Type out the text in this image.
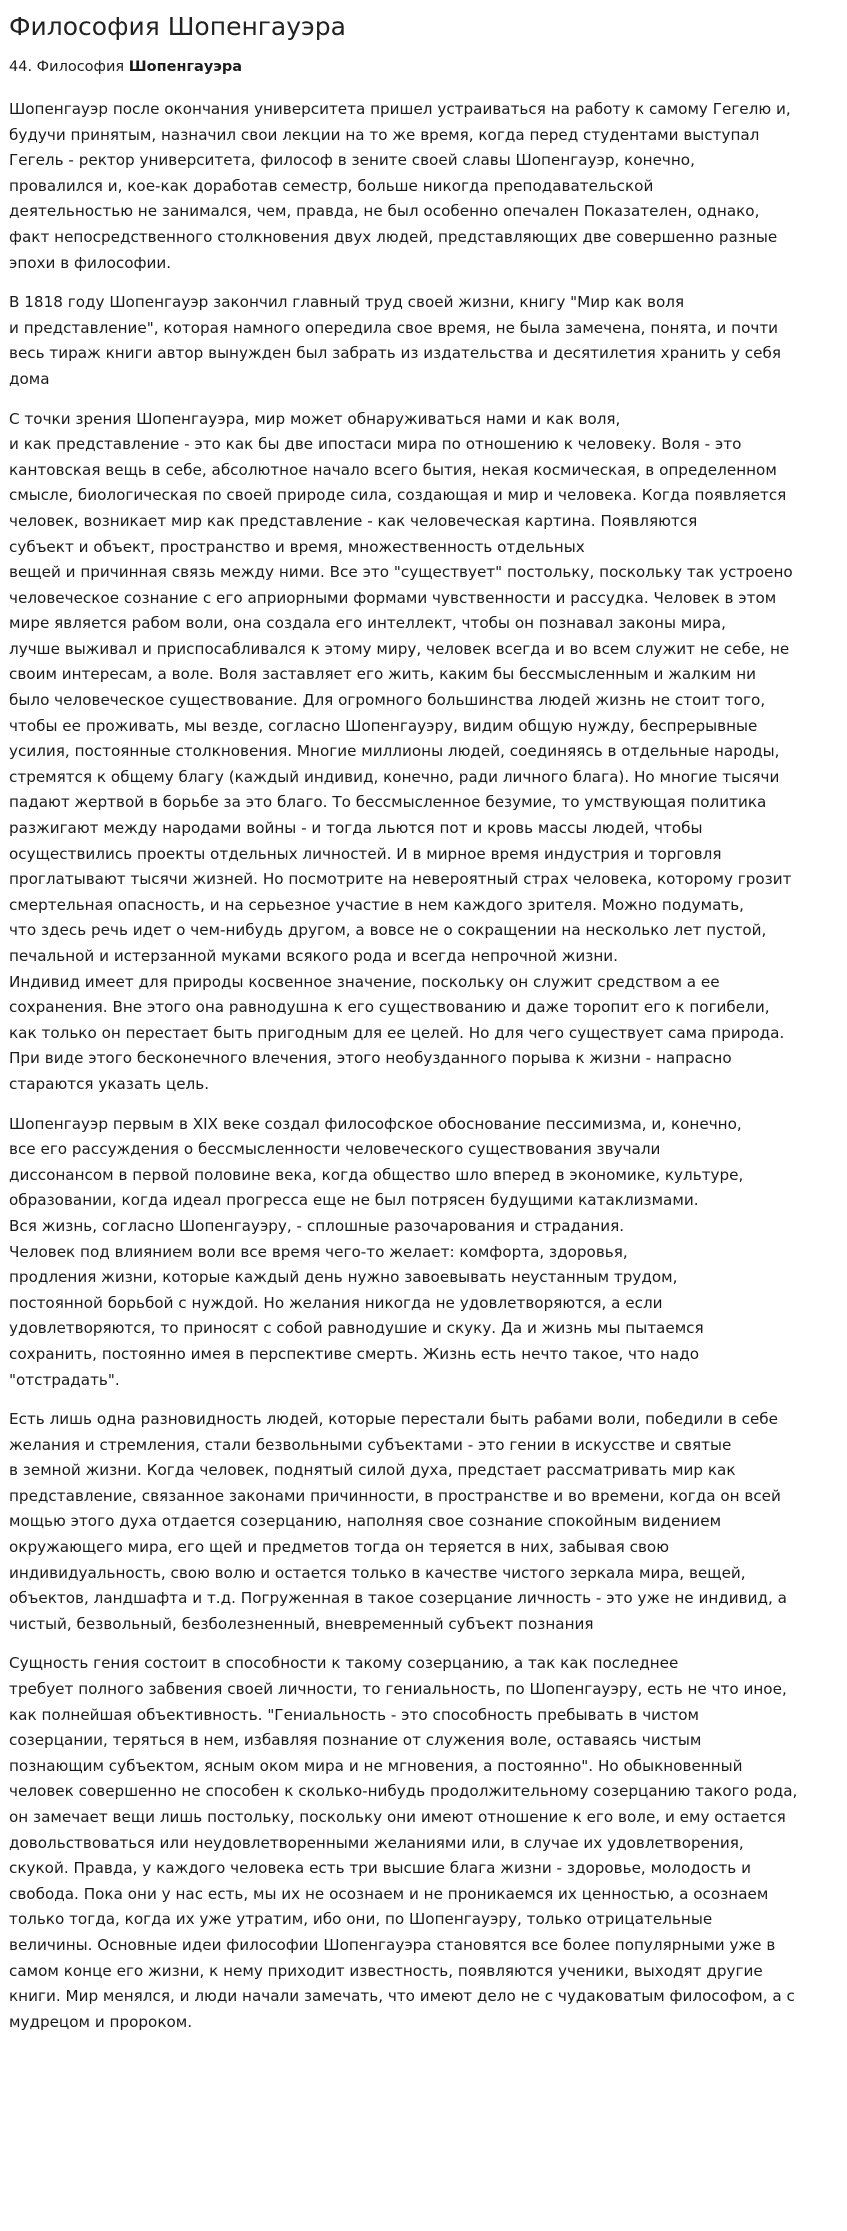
Философия Шопенгауэра

44. Философия Шопенгауэра

Шопенгауэр после окончания университета пришел устраиваться на работу к самому Гегелю и,
будучи принятым, назначил свои лекции на то же время, когда перед студентами выступал
Гегель - ректор университета, философ в зените своей славы Шопенгауэр, конечно,
провалился и, кое-как доработав семестр, больше никогда преподавательской
деятельностью не занимался, чем, правда, не был особенно опечален Показателен, однако,
факт непосредственного столкновения двух людей, представляющих две совершенно разные
эпохи в философии.

В 1818 году Шопенгауэр закончил главный труд своей жизни, книгу "Мир как воля
и представление", которая намного опередила свое время, не была замечена, понята, и почти
весь тираж книги автор вынужден был забрать из издательства и десятилетия хранить у себя
дома

С точки зрения Шопенгауэра, мир может обнаруживаться нами и как воля,
и как представление - это как бы две ипостаси мира по отношению к человеку. Воля - это
кантовская вещь в себе, абсолютное начало всего бытия, некая космическая, в определенном
смысле, биологическая по своей природе сила, создающая и мир и человека. Когда появляется
человек, возникает мир как представление - как человеческая картина. Появляются
субъект и объект, пространство и время, множественность отдельных
вещей и причинная связь между ними. Все это "существует" постольку, поскольку так устроено
человеческое сознание с его априорными формами чувственности и рассудка. Человек в этом
мире является рабом воли, она создала его интеллект, чтобы он познавал законы мира,
лучше выживал и приспосабливался к этому миру, человек всегда и во всем служит не себе, не
своим интересам, а воле. Воля заставляет его жить, каким бы бессмысленным и жалким ни
было человеческое существование. Для огромного большинства людей жизнь не стоит того,
чтобы ее проживать, мы везде, согласно Шопенгауэру, видим общую нужду, беспрерывные
усилия, постоянные столкновения. Многие миллионы людей, соединяясь в отдельные народы,
стремятся к общему благу (каждый индивид, конечно, ради личного блага). Но многие тысячи
падают жертвой в борьбе за это благо. То бессмысленное безумие, то умствующая политика
разжигают между народами войны - и тогда льются пот и кровь массы людей, чтобы
осуществились проекты отдельных личностей. И в мирное время индустрия и торговля
проглатывают тысячи жизней. Но посмотрите на невероятный страх человека, которому грозит
смертельная опасность, и на серьезное участие в нем каждого зрителя. Можно подумать,
что здесь речь идет о чем-нибудь другом, а вовсе не о сокращении на несколько лет пустой,
печальной и истерзанной муками всякого рода и всегда непрочной жизни.
Индивид имеет для природы косвенное значение, поскольку он служит средством а ее
сохранения. Вне этого она равнодушна к его существованию и даже торопит его к погибели,
как только он перестает быть пригодным для ее целей. Но для чего существует сама природа.
При виде этого бесконечного влечения, этого необузданного порыва к жизни - напрасно
стараются указать цель.

Шопенгауэр первым в XIX веке создал философское обоснование пессимизма, и, конечно,
все его рассуждения о бессмысленности человеческого существования звучали
диссонансом в первой половине века, когда общество шло вперед в экономике, культуре,
образовании, когда идеал прогресса еще не был потрясен будущими катаклизмами.
Вся жизнь, согласно Шопенгауэру, - сплошные разочарования и страдания.
Человек под влиянием воли все время чего-то желает: комфорта, здоровья,
продления жизни, которые каждый день нужно завоевывать неустанным трудом,
постоянной борьбой с нуждой. Но желания никогда не удовлетворяются, а если
удовлетворяются, то приносят с собой равнодушие и скуку. Да и жизнь мы пытаемся
сохранить, постоянно имея в перспективе смерть. Жизнь есть нечто такое, что надо
"отстрадать".

Есть лишь одна разновидность людей, которые перестали быть рабами воли, победили в себе
желания и стремления, стали безвольными субъектами - это гении в искусстве и святые
в земной жизни. Когда человек, поднятый силой духа, предстает рассматривать мир как
представление, связанное законами причинности, в пространстве и во времени, когда он всей
мощью этого духа отдается созерцанию, наполняя свое сознание спокойным видением
окружающего мира, его щей и предметов тогда он теряется в них, забывая свою
индивидуальность, свою волю и остается только в качестве чистого зеркала мира, вещей,
объектов, ландшафта и т.д. Погруженная в такое созерцание личность - это уже не индивид, а
чистый, безвольный, безболезненный, вневременный субъект познания

Сущность гения состоит в способности к такому созерцанию, а так как последнее
требует полного забвения своей личности, то гениальность, по Шопенгауэру, есть не что иное,
как полнейшая объективность. "Гениальность - это способность пребывать в чистом
созерцании, теряться в нем, избавляя познание от служения воле, оставаясь чистым
познающим субъектом, ясным оком мира и не мгновения, а постоянно". Но обыкновенный
человек совершенно не способен к сколько-нибудь продолжительному созерцанию такого рода,
он замечает вещи лишь постольку, поскольку они имеют отношение к его воле, и ему остается
довольствоваться или неудовлетворенными желаниями или, в случае их удовлетворения,
скукой. Правда, у каждого человека есть три высшие блага жизни - здоровье, молодость и
свобода. Пока они у нас есть, мы их не осознаем и не проникаемся их ценностью, а осознаем
только тогда, когда их уже утратим, ибо они, по Шопенгауэру, только отрицательные
величины. Основные идеи философии Шопенгауэра становятся все более популярными уже в
самом конце его жизни, к нему приходит известность, появляются ученики, выходят другие
книги. Мир менялся, и люди начали замечать, что имеют дело не с чудаковатым философом, а с
мудрецом и пророком.
